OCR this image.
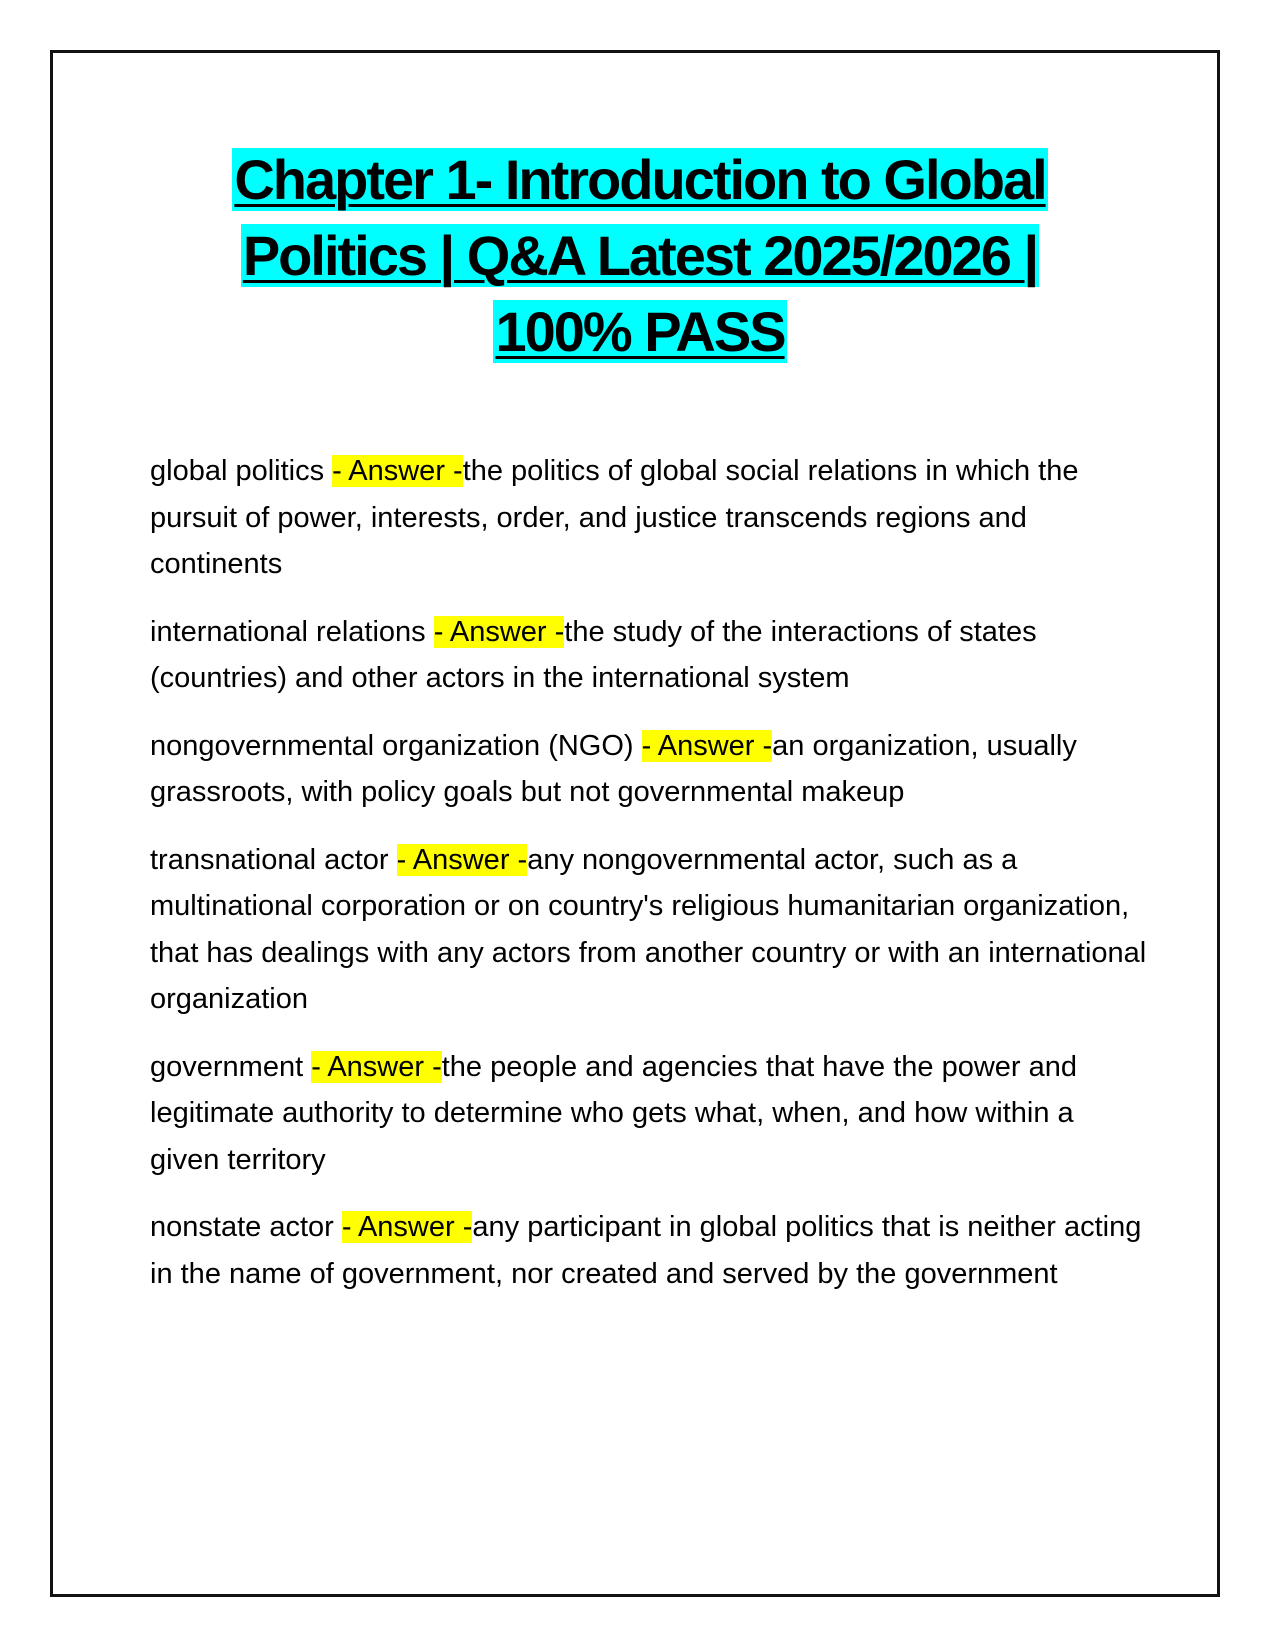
Chapter 1- Introduction to Global
Politics | Q&A Latest 2025/2026 |
100% PASS

global politics - Answer -the politics of global social relations in which the pursuit of power, interests, order, and justice transcends regions and continents

international relations - Answer -the study of the interactions of states (countries) and other actors in the international system

nongovernmental organization (NGO) - Answer -an organization, usually grassroots, with policy goals but not governmental makeup

transnational actor - Answer -any nongovernmental actor, such as a multinational corporation or on country's religious humanitarian organization, that has dealings with any actors from another country or with an international organization

government - Answer -the people and agencies that have the power and legitimate authority to determine who gets what, when, and how within a given territory

nonstate actor - Answer -any participant in global politics that is neither acting in the name of government, nor created and served by the government
